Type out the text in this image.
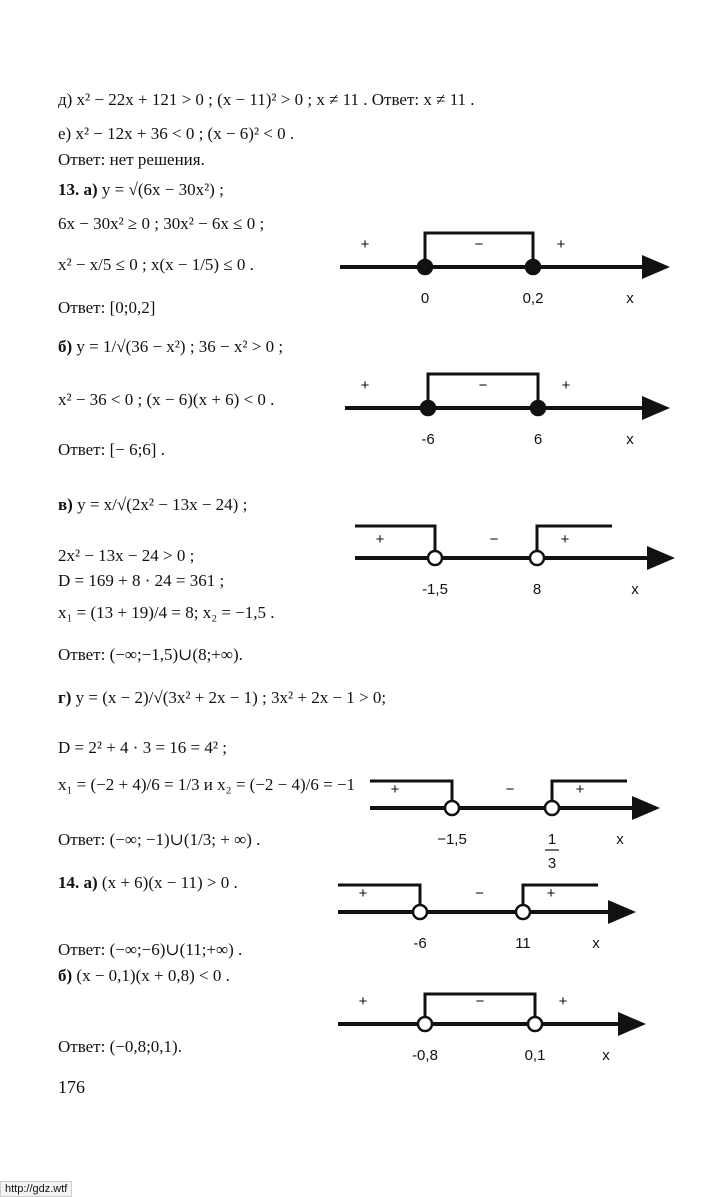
д) x² − 22x + 121 > 0 ; (x − 11)² > 0 ; x ≠ 11 . Ответ: x ≠ 11 .
е) x² − 12x + 36 < 0 ; (x − 6)² < 0 .
Ответ: нет решения.
13. а) y = √(6x − 30x²) ;
6x − 30x² ≥ 0 ; 30x² − 6x ≤ 0 ;
x² − x/5 ≤ 0 ; x(x − 1/5) ≤ 0 .
Ответ: [0;0,2]
б) y = 1/√(36 − x²) ; 36 − x² > 0 ;
x² − 36 < 0 ; (x − 6)(x + 6) < 0 .
Ответ: [− 6;6] .
в) y = x/√(2x² − 13x − 24) ;
2x² − 13x − 24 > 0 ;
D = 169 + 8 · 24 = 361 ;
x₁ = (13 + 19)/4 = 8; x₂ = −1,5 .
Ответ: (−∞;−1,5)∪(8;+∞).
г) y = (x − 2)/√(3x² + 2x − 1) ; 3x² + 2x − 1 > 0;
D = 2² + 4 · 3 = 16 = 4² ;
x₁ = (−2 + 4)/6 = 1/3 и x₂ = (−2 − 4)/6 = −1
Ответ: (−∞; −1)∪(1/3; + ∞) .
14. а) (x + 6)(x − 11) > 0 .
Ответ: (−∞;−6)∪(11;+∞) .
б) (x − 0,1)(x + 0,8) < 0 .
Ответ: (−0,8;0,1).
176
http://gdz.wtf
+	−	+
0	0,2	x
+	−	+
-6	6	x
+	−	+
-1,5	8	x
+	−	+
−1,5	1
3
x
+	−	+
-6	11	x
+	−	+
-0,8	0,1	x
